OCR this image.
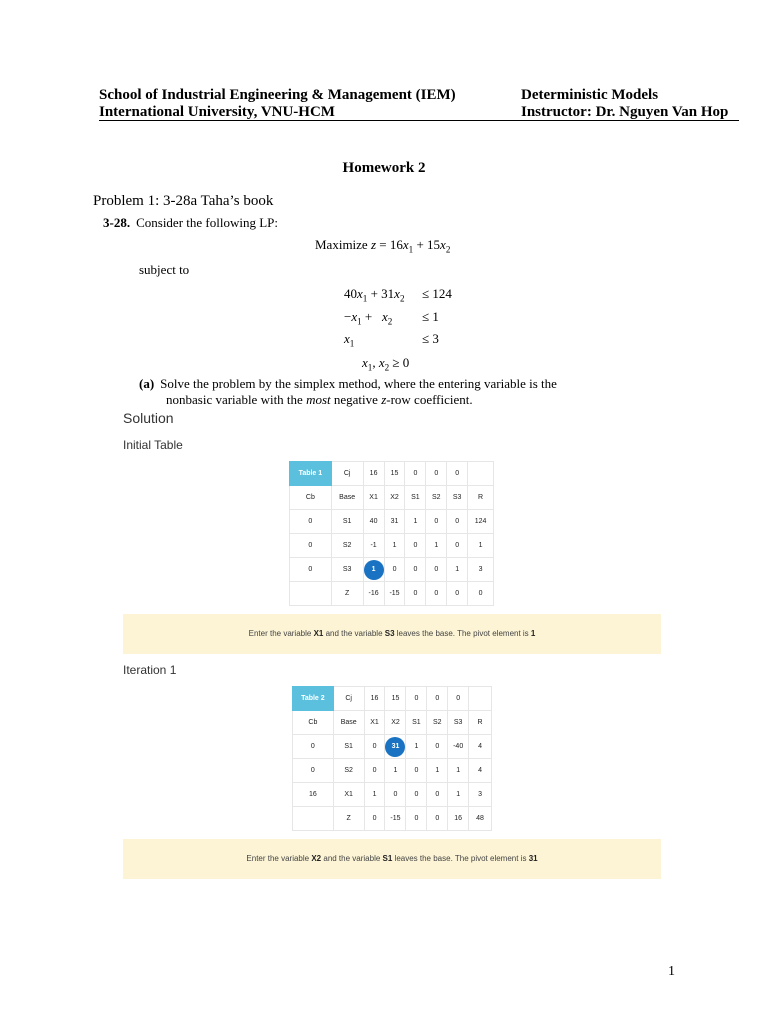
School of Industrial Engineering & Management (IEM)	Deterministic Models
International University, VNU-HCM	Instructor: Dr. Nguyen Van Hop
Homework 2
Problem 1: 3-28a Taha’s book
3-28. Consider the following LP:
Maximize $z = 16x_1 + 15x_2$
subject to
$40x_1 + 31x_2 \le 124$
$-x_1 + x_2 \le 1$
$x_1$	≤ 3
$x_1$, $x_2 \ge 0$
(a) Solve the problem by the simplex method, where the entering variable is the
nonbasic variable with the most negative z-row coefficient.
Solution
Initial Table
Table 1	Cj	16	15	0	0	0	
Cb	Base	X1	X2	S1	S2	S3	R
0	S1	40	31	1	0	0	124
0	S2	-1	1	0	1	0	1
0	S3	1	0	0	0	1	3
	Z	-16	-15	0	0	0	0
Enter the variable X1 and the variable S3 leaves the base. The pivot element is 1
Iteration 1
Table 2	Cj	16	15	0	0	0	
Cb	Base	X1	X2	S1	S2	S3	R
0	S1	0	31	1	0	-40	4
0	S2	0	1	0	1	1	4
16	X1	1	0	0	0	1	3
	Z	0	-15	0	0	16	48
Enter the variable X2 and the variable S1 leaves the base. The pivot element is 31
1
